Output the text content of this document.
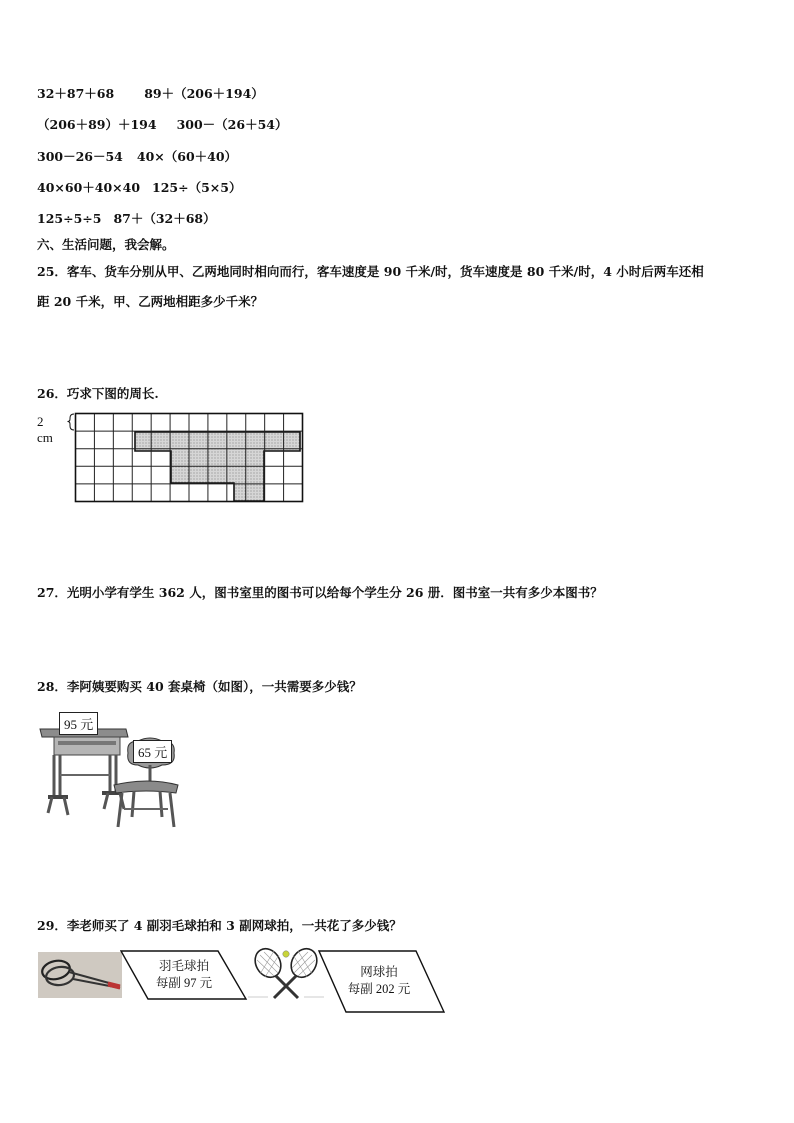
32＋87＋68 89＋（206＋194）
（206＋89）＋194 300－（26＋54）
300－26－54 40×（60＋40）
40×60＋40×40 125÷（5×5）
125÷5÷5 87＋（32＋68）
六、生活问题，我会解。
25．客车、货车分别从甲、乙两地同时相向而行，客车速度是 90 千米/时，货车速度是 80 千米/时，4 小时后两车还相
距 20 千米，甲、乙两地相距多少千米？
26．巧求下图的周长.
2 cm
27．光明小学有学生 362 人，图书室里的图书可以给每个学生分 26 册．图书室一共有多少本图书？
28．李阿姨要购买 40 套桌椅（如图），一共需要多少钱？
95 元
65 元
29．李老师买了 4 副羽毛球拍和 3 副网球拍，一共花了多少钱？
羽毛球拍
每副 97 元
网球拍
每副 202 元
